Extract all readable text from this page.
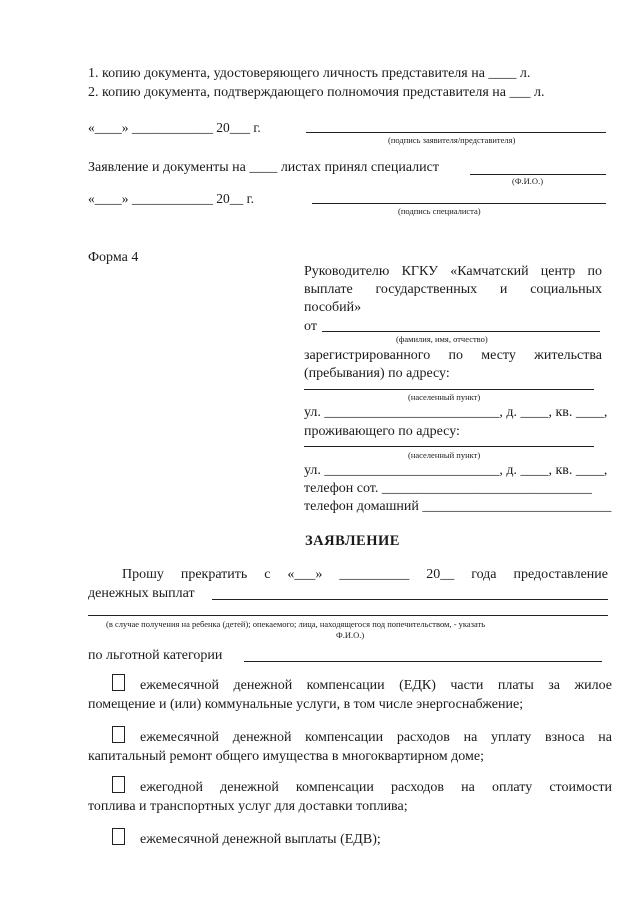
1. копию документа, удостоверяющего личность представителя на ____ л.
2. копию документа, подтверждающего полномочия представителя на ___ л.
«____» ____________ 20___ г.
(подпись заявителя/представителя)
Заявление и документы на ____ листах принял специалист
(Ф.И.О.)
«____» ____________ 20__ г.
(подпись специалиста)
Форма 4
Руководителю КГКУ «Камчатский центр по
выплате государственных и социальных
пособий»
от
(фамилия, имя, отчество)
зарегистрированного по месту жительства
(пребывания) по адресу:
(населенный пункт)
ул. _________________________, д. ____, кв. ____,
проживающего по адресу:
(населенный пункт)
ул. _________________________, д. ____, кв. ____,
телефон сот. ______________________________
телефон домашний ___________________________
ЗАЯВЛЕНИЕ
Прошу прекратить с «___» __________ 20__ года предоставление
денежных выплат
(в случае получения на ребенка (детей); опекаемого; лица, находящегося под попечительством, - указать
Ф.И.О.)
по льготной категории
ежемесячной денежной компенсации (ЕДК) части платы за жилое
помещение и (или) коммунальные услуги, в том числе энергоснабжение;
ежемесячной денежной компенсации расходов на уплату взноса на
капитальный ремонт общего имущества в многоквартирном доме;
ежегодной денежной компенсации расходов на оплату стоимости
топлива и транспортных услуг для доставки топлива;
ежемесячной денежной выплаты (ЕДВ);
